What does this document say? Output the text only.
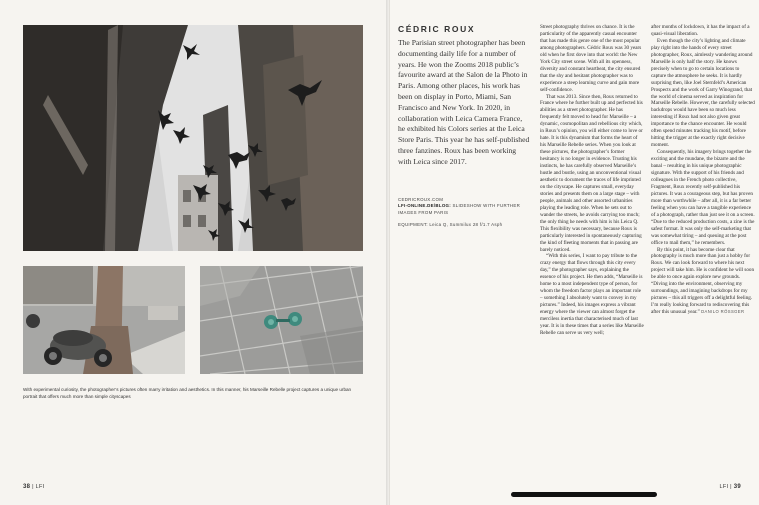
With experimental curiosity, the photographer’s pictures often marry irritation and aesthetics. In this manner, his Marseille Rebelle project captures a unique urban portrait that offers much more than simple cityscapes
38 | LFI
CÉDRIC ROUX

The Parisian street photographer has been documenting daily life for a number of years. He won the Zooms 2018 public’s favourite award at the Salon de la Photo in Paris. Among other places, his work has been on display in Porto, Miami, San Francisco and New York. In 2020, in collaboration with Leica Camera France, he exhibited his Colors series at the Leica Store Paris. This year he has self-published three fanzines. Roux has been working with Leica since 2017.

CEDRICROUX.COM
LFI-ONLINE.DE/BLOG: SLIDESHOW WITH FURTHER IMAGES FROM PARIS
EQUIPMENT: Leica Q, Summilux 28 f/1.7 Asph

Street photography thrives on chance. It is the particularity of the apparently casual encounter that has made this genre one of the most popular among photographers. Cédric Roux was 30 years old when he first dove into that world: the New York City street scene. With all its openness, diversity and constant heartbeat, the city ensured that the shy and hesitant photographer was to experience a steep learning curve and gain more self-confidence.

That was 2013. Since then, Roux returned to France where he further built up and perfected his abilities as a street photographer. He has frequently felt moved to head for Marseille – a dynamic, cosmopolitan and rebellious city which, in Roux’s opinion, you will either come to love or hate. It is this dynamism that forms the heart of his Marseille Rebelle series. When you look at these pictures, the photographer’s former hesitancy is no longer in evidence. Trusting his instincts, he has carefully observed Marseille’s hustle and bustle, using an unconventional visual aesthetic to document the traces of life imprinted on the cityscape. He captures small, everyday stories and presents them on a large stage – with people, animals and other assorted urbanities playing the leading role. When he sets out to wander the streets, he avoids carrying too much; the only thing he needs with him is his Leica Q. This flexibility was necessary, because Roux is particularly interested in spontaneously capturing the kind of fleeting moments that in passing are barely noticed.

“With this series, I want to pay tribute to the crazy energy that flows through this city every day,” the photographer says, explaining the essence of his project. He then adds, “Marseille is home to a most independent type of person, for whom the freedom factor plays an important role – something I absolutely want to convey in my pictures.” Indeed, his images express a vibrant energy where the viewer can almost forget the merciless inertia that characterised much of last year. It is in these times that a series like Marseille Rebelle can serve us very well;

after months of lockdown, it has the impact of a quasi-visual liberation.

Even though the city’s lighting and climate play right into the hands of every street photographer, Roux, aimlessly wandering around Marseille is only half the story. He knows precisely when to go to certain locations to capture the atmosphere he seeks. It is hardly surprising then, like Joel Sternfeld’s American Prospects and the work of Garry Winogrand, that the world of cinema served as inspiration for Marseille Rebelle. However, the carefully selected backdrops would have been so much less interesting if Roux had not also given great importance to the chance encounter. He would often spend minutes tracking his motif, before hitting the trigger at the exactly right decisive moment.

Consequently, his imagery brings together the exciting and the mundane, the bizarre and the banal – resulting in his unique photographic signature. With the support of his friends and colleagues in the French photo collective, Fragment, Roux recently self-published his pictures. It was a courageous step, but has proven more than worthwhile – after all, it is a far better feeling when you can have a tangible experience of a photograph, rather than just see it on a screen. “Due to the reduced production costs, a zine is the safest format. It was only the self-marketing that was somewhat tiring – and queuing at the post office to mail them,” he remembers.

By this point, it has become clear that photography is much more than just a hobby for Roux. We can look forward to where his next project will take him. He is confident he will soon be able to once again explore new grounds. “Diving into the environment, observing my surroundings, and imagining backdrops for my pictures – this all triggers off a delightful feeling. I’m really looking forward to rediscovering this after this unusual year.” DANILO RÖSSGER

LFI | 39
